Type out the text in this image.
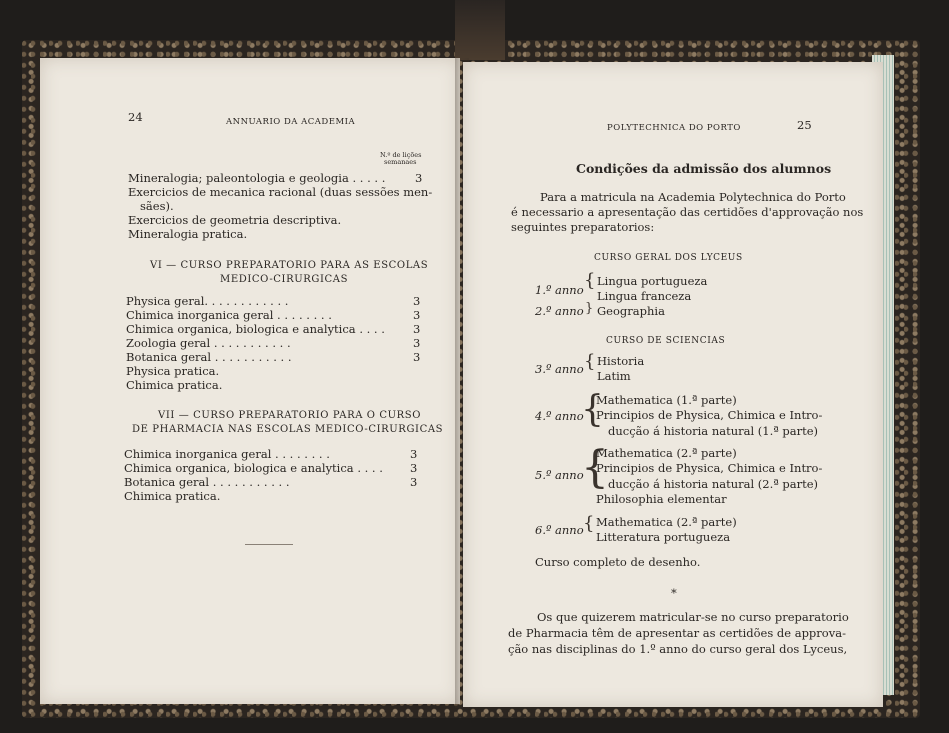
24	ANNUARIO DA ACADEMIA
N.º de lições
semanaes
Mineralogia; paleontologia e geologia . . . . .	3
Exercicios de mecanica racional (duas sessões men-
sães).
Exercicios de geometria descriptiva.
Mineralogia pratica.
VI — CURSO PREPARATORIO PARA AS ESCOLAS
MEDICO-CIRURGICAS
Physica geral. . . . . . . . . . . .	3
Chimica inorganica geral . . . . . . . .	3
Chimica organica, biologica e analytica . . . . 3
Zoologia geral . . . . . . . . . . .	3
Botanica geral . . . . . . . . . . .	3
Physica pratica.
Chimica pratica.
VII — CURSO PREPARATORIO PARA O CURSO
DE PHARMACIA NAS ESCOLAS MEDICO-CIRURGICAS
Chimica inorganica geral . . . . . . . .	3
Chimica organica, biologica e analytica . . . . 3
Botanica geral . . . . . . . . . . .	3
Chimica pratica.
POLYTECHNICA DO PORTO	25
Condições da admissão dos alumnos
Para a matricula na Academia Polytechnica do Porto
é necessario a apresentação das certidões d'approvação nos
seguintes preparatorios:
CURSO GERAL DOS LYCEUS
1.º anno { Lingua portugueza
Lingua franceza
2.º anno } Geographia
CURSO DE SCIENCIAS
3.º anno { Historia
Latim
4.º anno
{
Mathematica (1.ª parte)
Principios de Physica, Chimica e Intro-
ducção á historia natural (1.ª parte)
5.º anno
{
Mathematica (2.ª parte)
Principios de Physica, Chimica e Intro-
ducção á historia natural (2.ª parte)
Philosophia elementar
6.º anno { Mathematica (2.ª parte)
Litteratura portugueza
Curso completo de desenho.
*
Os que quizerem matricular-se no curso preparatorio
de Pharmacia têm de apresentar as certidões de approva-
ção nas disciplinas do 1.º anno do curso geral dos Lyceus,
